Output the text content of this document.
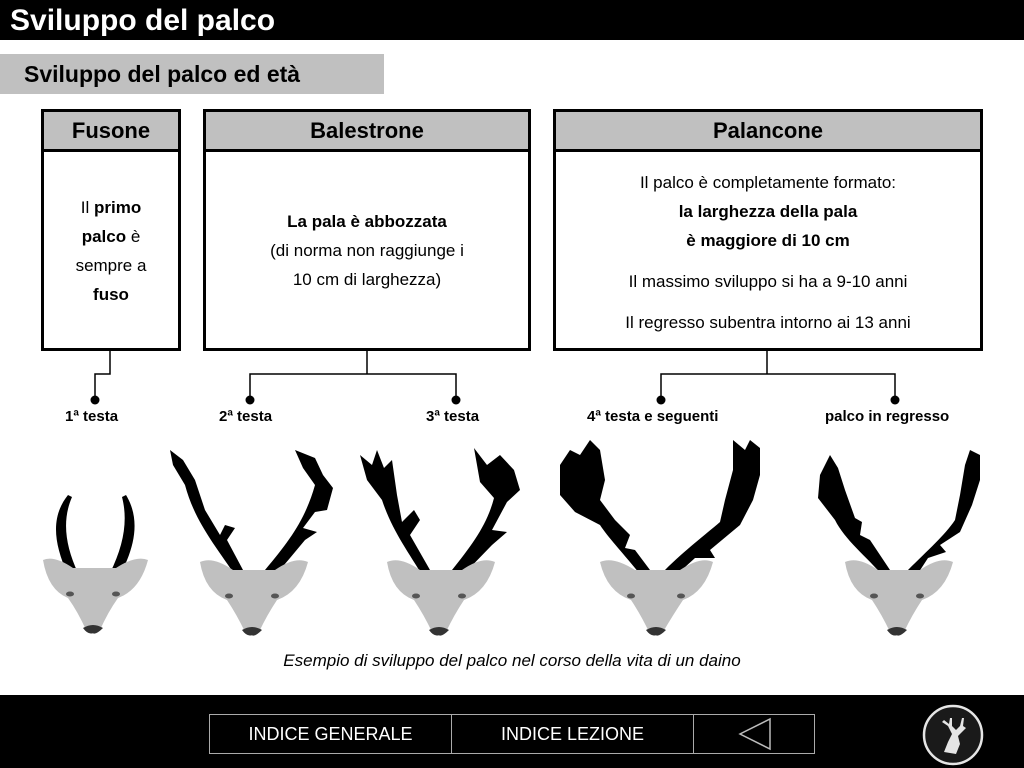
Sviluppo del palco
Sviluppo del palco ed età
Fusone

Il primo

palco è

sempre a

fuso

Balestrone

La pala è abbozzata

(di norma non raggiunge i

10 cm di larghezza)

Palancone

Il palco è completamente formato:

la larghezza della pala

è maggiore di 10 cm

Il massimo sviluppo si ha a 9-10 anni

Il regresso subentra intorno ai 13 anni

1ª testa	2ª testa	3ª testa	4ª testa e seguenti	palco in regresso
Esempio di sviluppo del palco nel corso della vita di un daino
INDICE GENERALE	INDICE LEZIONE
